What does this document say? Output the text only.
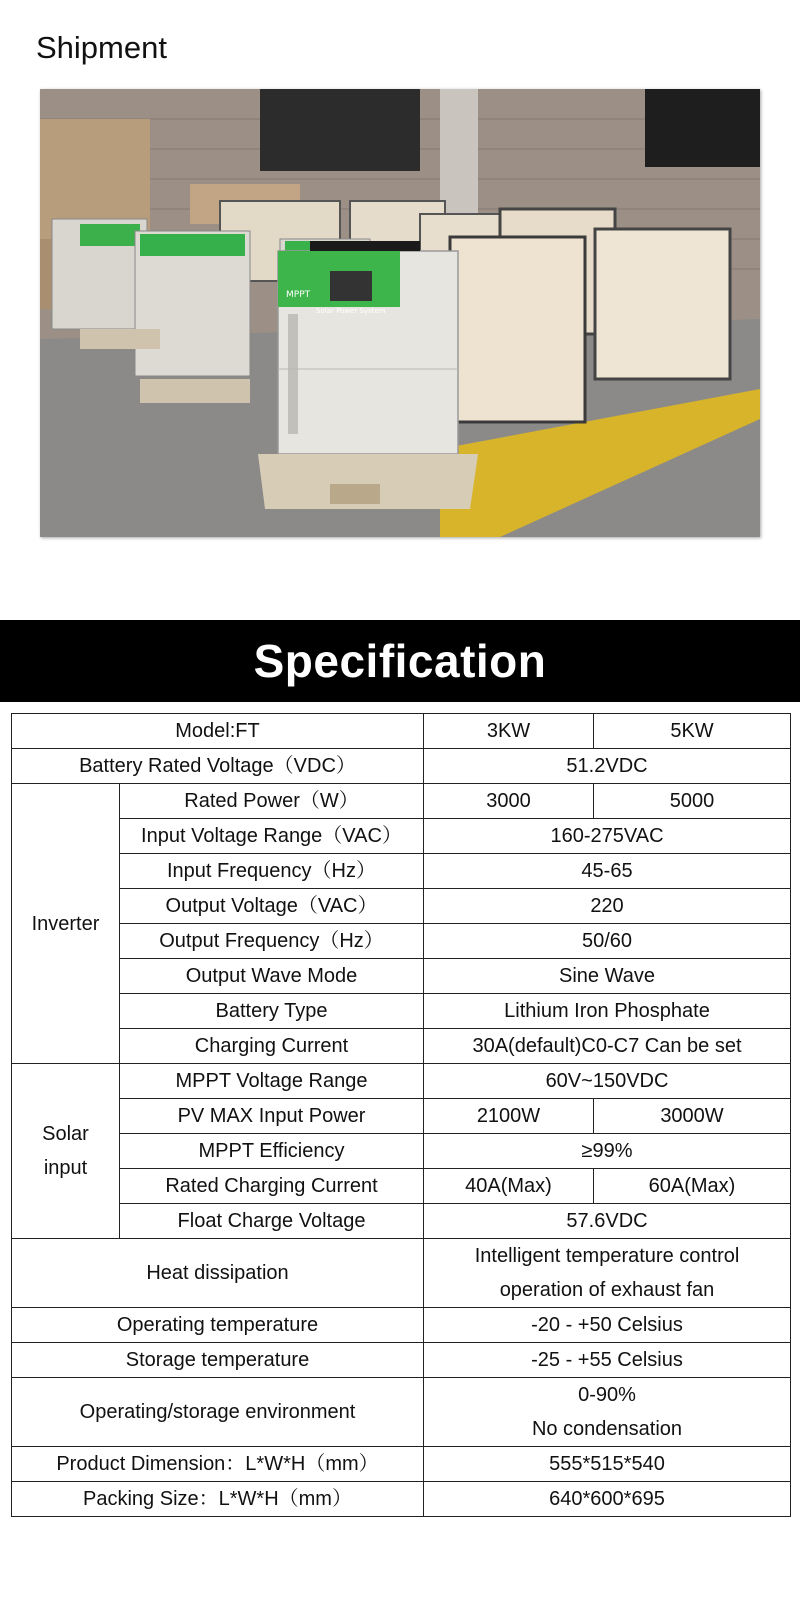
Shipment
MPPT
Solar Power System
Specification
Model:FT		3KW	5KW
Battery Rated Voltage（VDC）		51.2VDC	
Inverter	Rated Power（W）	3000	5000
	Input Voltage Range（VAC）	160-275VAC	
	Input Frequency（Hz）	45-65	
	Output Voltage（VAC）	220	
	Output Frequency（Hz）	50/60	
	Output Wave Mode	Sine Wave	
	Battery Type	Lithium Iron Phosphate	
	Charging Current	30A(default)C0-C7 Can be set	
Solar
input	MPPT Voltage Range	60V~150VDC	
	PV MAX Input Power	2100W	3000W
	MPPT Efficiency	≥99%	
	Rated Charging Current	40A(Max)	60A(Max)
	Float Charge Voltage	57.6VDC	
Heat dissipation		Intelligent temperature control
operation of exhaust fan	
Operating temperature		-20 - +50 Celsius	
Storage temperature		-25 - +55 Celsius	
Operating/storage environment		0-90%
No condensation	
Product Dimension：L*W*H（mm）		555*515*540	
Packing Size：L*W*H（mm）		640*600*695	
